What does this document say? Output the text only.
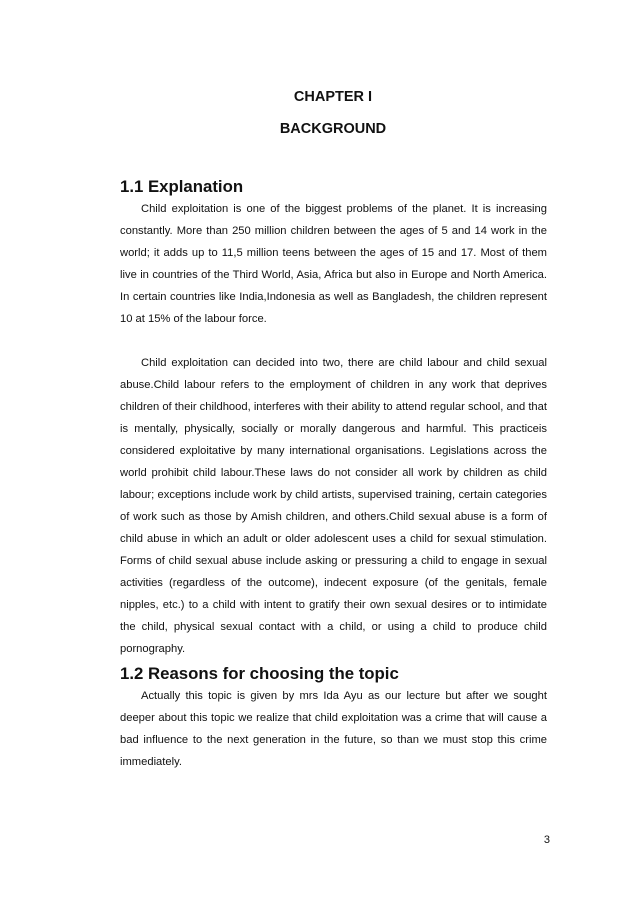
CHAPTER I
BACKGROUND
1.1 Explanation

Child exploitation is one of the biggest problems of the planet. It is increasing constantly. More than 250 million children between the ages of 5 and 14 work in the world; it adds up to 11,5 million teens between the ages of 15 and 17. Most of them live in countries of the Third World, Asia, Africa but also in Europe and North America. In certain countries like India,Indonesia as well as Bangladesh, the children represent 10 at 15% of the labour force.

Child exploitation can decided into two, there are child labour and child sexual abuse.Child labour refers to the employment of children in any work that deprives children of their childhood, interferes with their ability to attend regular school, and that is mentally, physically, socially or morally dangerous and harmful. This practiceis considered exploitative by many international organisations. Legislations across the world prohibit child labour.These laws do not consider all work by children as child labour; exceptions include work by child artists, supervised training, certain categories of work such as those by Amish children, and others.Child sexual abuse is a form of child abuse in which an adult or older adolescent uses a child for sexual stimulation. Forms of child sexual abuse include asking or pressuring a child to engage in sexual activities (regardless of the outcome), indecent exposure (of the genitals, female nipples, etc.) to a child with intent to gratify their own sexual desires or to intimidate the child, physical sexual contact with a child, or using a child to produce child pornography.

1.2 Reasons for choosing the topic

Actually this topic is given by mrs Ida Ayu as our lecture but after we sought deeper about this topic we realize that child exploitation was a crime that will cause a bad influence to the next generation in the future, so than we must stop this crime immediately.

3
